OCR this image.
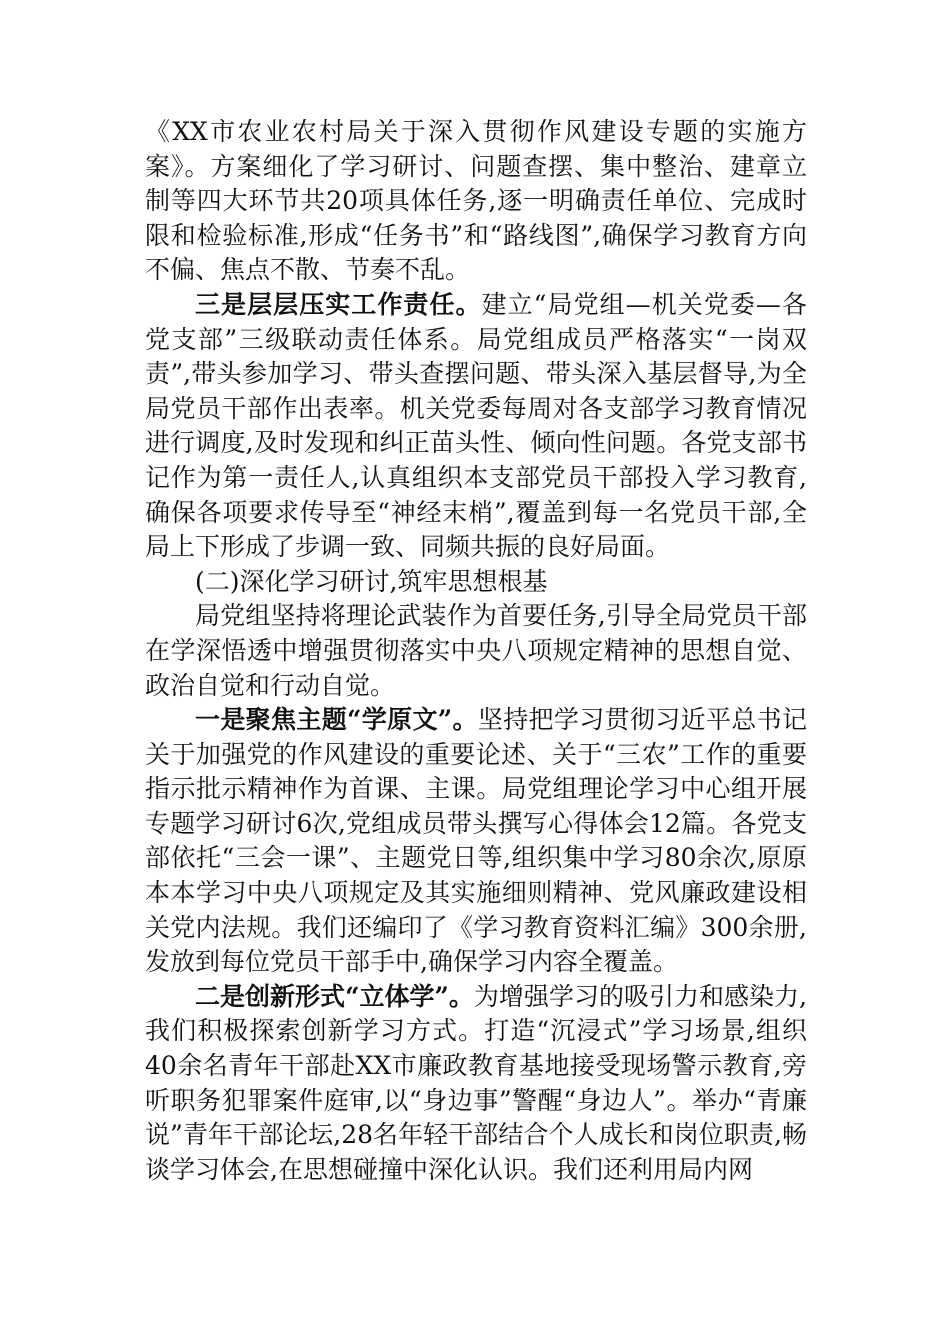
《XX市农业农村局关于深入贯彻作风建设专题的实施方案》。方案细化了学习研讨、问题查摆、集中整治、建章立制等四大环节共20项具体任务,逐一明确责任单位、完成时限和检验标准,形成“任务书”和“路线图”,确保学习教育方向不偏、焦点不散、节奏不乱。

三是层层压实工作责任。建立“局党组—机关党委—各党支部”三级联动责任体系。局党组成员严格落实“一岗双责”,带头参加学习、带头查摆问题、带头深入基层督导,为全局党员干部作出表率。机关党委每周对各支部学习教育情况进行调度,及时发现和纠正苗头性、倾向性问题。各党支部书记作为第一责任人,认真组织本支部党员干部投入学习教育,确保各项要求传导至“神经末梢”,覆盖到每一名党员干部,全局上下形成了步调一致、同频共振的良好局面。

(二)深化学习研讨,筑牢思想根基

局党组坚持将理论武装作为首要任务,引导全局党员干部在学深悟透中增强贯彻落实中央八项规定精神的思想自觉、政治自觉和行动自觉。

一是聚焦主题“学原文”。坚持把学习贯彻习近平总书记关于加强党的作风建设的重要论述、关于“三农”工作的重要指示批示精神作为首课、主课。局党组理论学习中心组开展专题学习研讨6次,党组成员带头撰写心得体会12篇。各党支部依托“三会一课”、主题党日等,组织集中学习80余次,原原本本学习中央八项规定及其实施细则精神、党风廉政建设相关党内法规。我们还编印了《学习教育资料汇编》300余册,发放到每位党员干部手中,确保学习内容全覆盖。

二是创新形式“立体学”。为增强学习的吸引力和感染力,我们积极探索创新学习方式。打造“沉浸式”学习场景,组织40余名青年干部赴XX市廉政教育基地接受现场警示教育,旁听职务犯罪案件庭审,以“身边事”警醒“身边人”。举办“青廉说”青年干部论坛,28名年轻干部结合个人成长和岗位职责,畅谈学习体会,在思想碰撞中深化认识。我们还利用局内网
